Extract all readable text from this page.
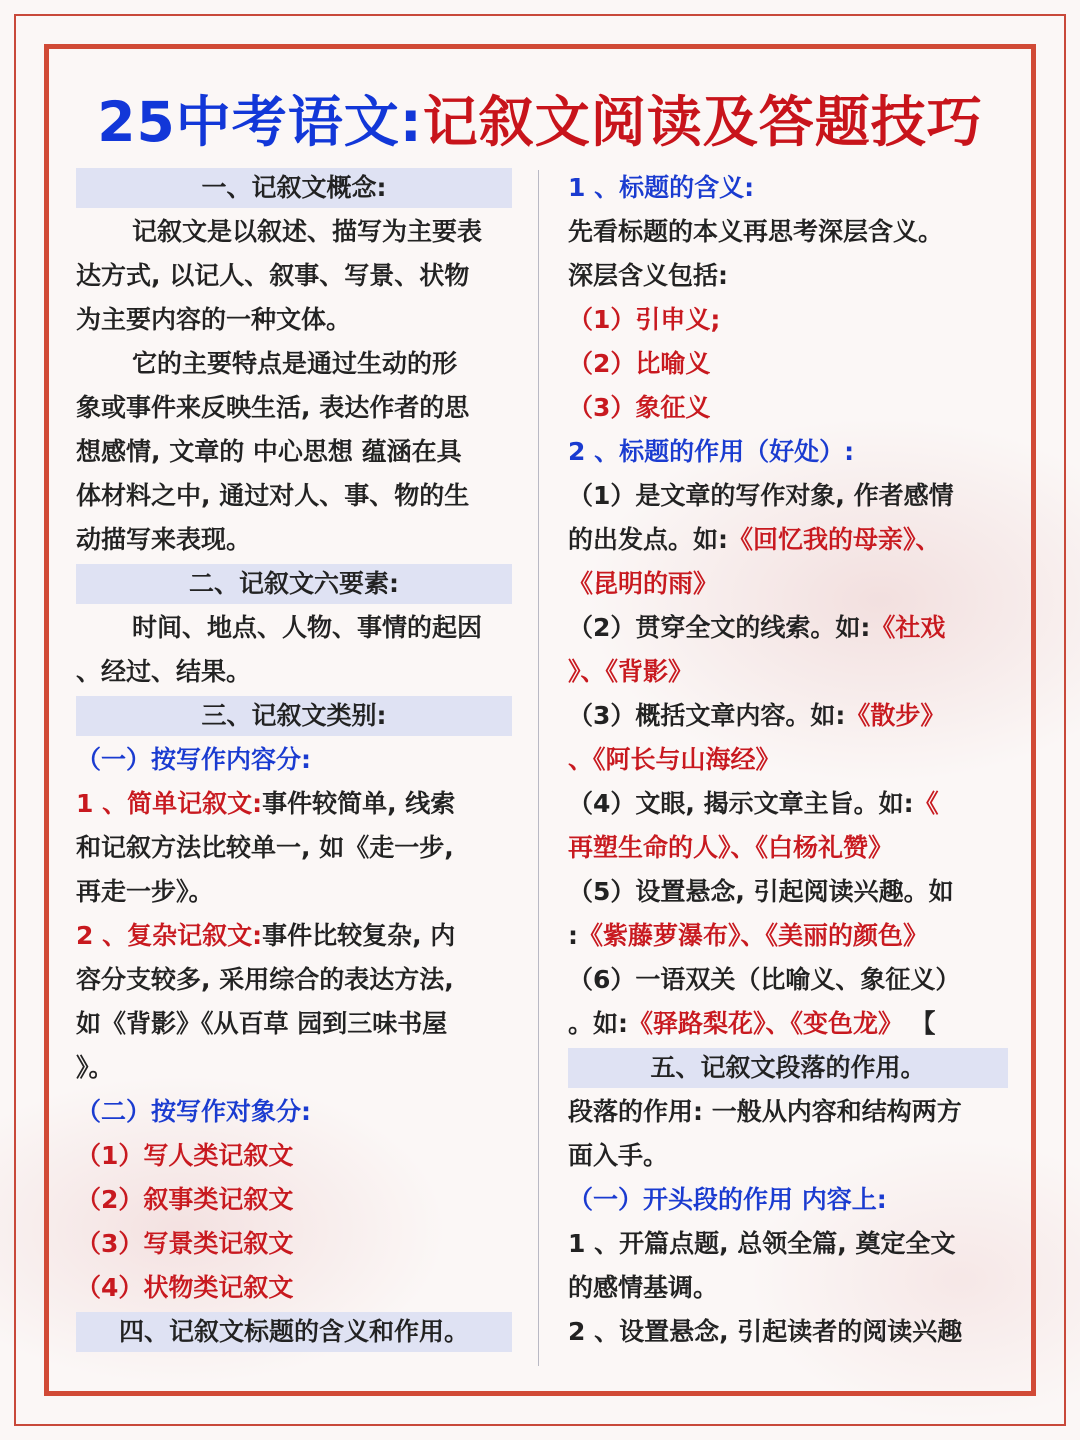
25中考语文:记叙文阅读及答题技巧
一、记叙文概念:
记叙文是以叙述、描写为主要表
达方式, 以记人、叙事、写景、状物
为主要内容的一种文体。
它的主要特点是通过生动的形
象或事件来反映生活, 表达作者的思
想感情, 文章的 中心思想 蕴涵在具
体材料之中, 通过对人、事、物的生
动描写来表现。
二、记叙文六要素:
时间、地点、人物、事情的起因
、经过、结果。
三、记叙文类别:
（一）按写作内容分:
1 、简单记叙文:事件较简单, 线索
和记叙方法比较单一, 如《走一步,
再走一步》。
2 、复杂记叙文:事件比较复杂, 内
容分支较多, 采用综合的表达方法,
如《背影》《从百草 园到三味书屋
》。
（二）按写作对象分:
（1）写人类记叙文
（2）叙事类记叙文
（3）写景类记叙文
（4）状物类记叙文
四、记叙文标题的含义和作用。
1 、标题的含义:
先看标题的本义再思考深层含义。
深层含义包括:
（1）引申义;
（2）比喻义
（3）象征义
2 、标题的作用（好处）:
（1）是文章的写作对象, 作者感情
的出发点。如:《回忆我的母亲》、
《昆明的雨》
（2）贯穿全文的线索。如:《社戏
》、《背影》
（3）概括文章内容。如:《散步》
、《阿长与山海经》
（4）文眼, 揭示文章主旨。如:《
再塑生命的人》、《白杨礼赞》
（5）设置悬念, 引起阅读兴趣。如
:《紫藤萝瀑布》、《美丽的颜色》
（6）一语双关（比喻义、象征义）
。如:《驿路梨花》、《变色龙》 【
五、记叙文段落的作用。
段落的作用: 一般从内容和结构两方
面入手。
（一）开头段的作用 内容上:
1 、开篇点题, 总领全篇, 奠定全文
的感情基调。
2 、设置悬念, 引起读者的阅读兴趣
